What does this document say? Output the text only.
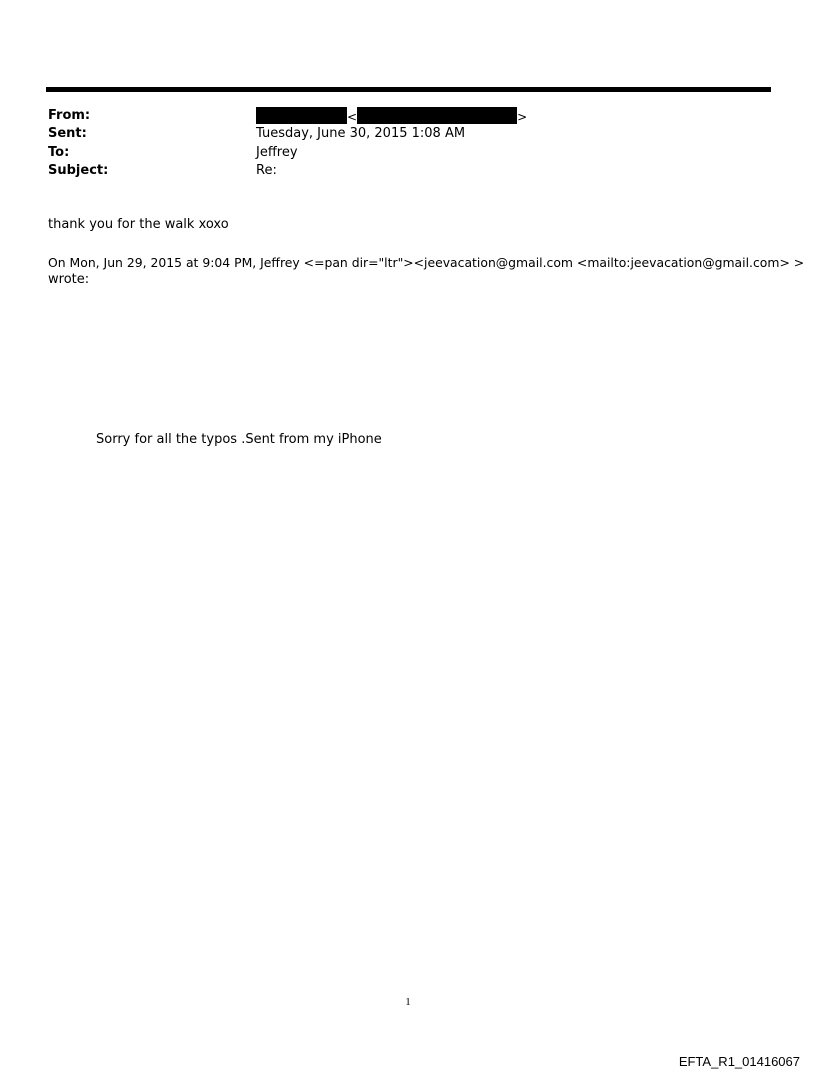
From:	<	>
Sent:	Tuesday, June 30, 2015 1:08 AM
To:	Jeffrey
Subject:	Re:
thank you for the walk xoxo
On Mon, Jun 29, 2015 at 9:04 PM, Jeffrey <=pan dir="ltr"><jeevacation@gmail.com <mailto:jeevacation@gmail.com> >
wrote:
Sorry for all the typos .Sent from my iPhone
1
EFTA_R1_01416067
